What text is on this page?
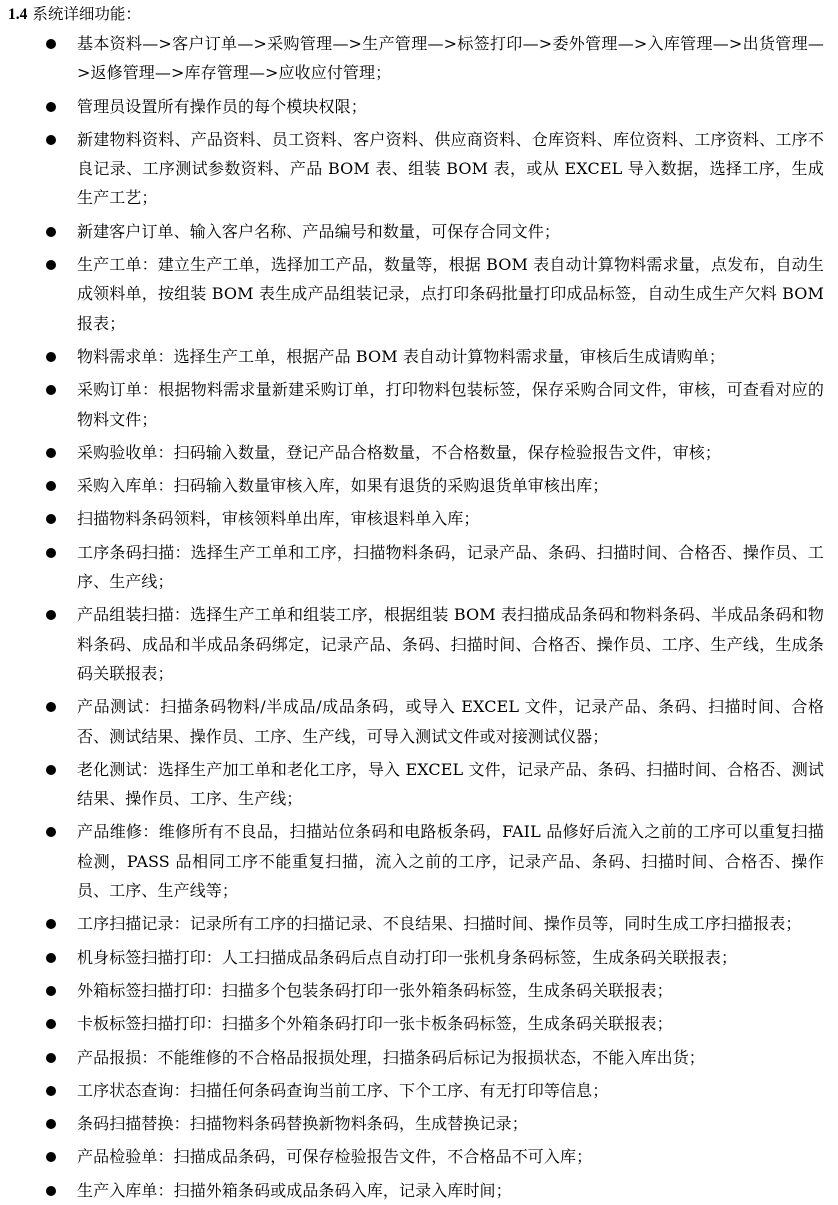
1.4 系统详细功能：
基本资料—>客户订单—>采购管理—>生产管理—>标签打印—>委外管理—>入库管理—>出货管理—>返修管理—>库存管理—>应收应付管理；
管理员设置所有操作员的每个模块权限；
新建物料资料、产品资料、员工资料、客户资料、供应商资料、仓库资料、库位资料、工序资料、工序不良记录、工序测试参数资料、产品 BOM 表、组装 BOM 表，或从 EXCEL 导入数据，选择工序，生成生产工艺；
新建客户订单、输入客户名称、产品编号和数量，可保存合同文件；
生产工单：建立生产工单，选择加工产品，数量等，根据 BOM 表自动计算物料需求量，点发布，自动生成领料单，按组装 BOM 表生成产品组装记录，点打印条码批量打印成品标签，自动生成生产欠料 BOM 报表；
物料需求单：选择生产工单，根据产品 BOM 表自动计算物料需求量，审核后生成请购单；
采购订单：根据物料需求量新建采购订单，打印物料包装标签，保存采购合同文件，审核，可查看对应的物料文件；
采购验收单：扫码输入数量，登记产品合格数量，不合格数量，保存检验报告文件，审核；
采购入库单：扫码输入数量审核入库，如果有退货的采购退货单审核出库；
扫描物料条码领料，审核领料单出库，审核退料单入库；
工序条码扫描：选择生产工单和工序，扫描物料条码，记录产品、条码、扫描时间、合格否、操作员、工序、生产线；
产品组装扫描：选择生产工单和组装工序，根据组装 BOM 表扫描成品条码和物料条码、半成品条码和物料条码、成品和半成品条码绑定，记录产品、条码、扫描时间、合格否、操作员、工序、生产线，生成条码关联报表；
产品测试：扫描条码物料/半成品/成品条码，或导入 EXCEL 文件，记录产品、条码、扫描时间、合格否、测试结果、操作员、工序、生产线，可导入测试文件或对接测试仪器；
老化测试：选择生产加工单和老化工序，导入 EXCEL 文件，记录产品、条码、扫描时间、合格否、测试结果、操作员、工序、生产线；
产品维修：维修所有不良品，扫描站位条码和电路板条码，FAIL 品修好后流入之前的工序可以重复扫描检测，PASS 品相同工序不能重复扫描，流入之前的工序，记录产品、条码、扫描时间、合格否、操作员、工序、生产线等；
工序扫描记录：记录所有工序的扫描记录、不良结果、扫描时间、操作员等，同时生成工序扫描报表；
机身标签扫描打印：人工扫描成品条码后点自动打印一张机身条码标签，生成条码关联报表；
外箱标签扫描打印：扫描多个包装条码打印一张外箱条码标签，生成条码关联报表；
卡板标签扫描打印：扫描多个外箱条码打印一张卡板条码标签，生成条码关联报表；
产品报损：不能维修的不合格品报损处理，扫描条码后标记为报损状态，不能入库出货；
工序状态查询：扫描任何条码查询当前工序、下个工序、有无打印等信息；
条码扫描替换：扫描物料条码替换新物料条码，生成替换记录；
产品检验单：扫描成品条码，可保存检验报告文件，不合格品不可入库；
生产入库单：扫描外箱条码或成品条码入库，记录入库时间；
